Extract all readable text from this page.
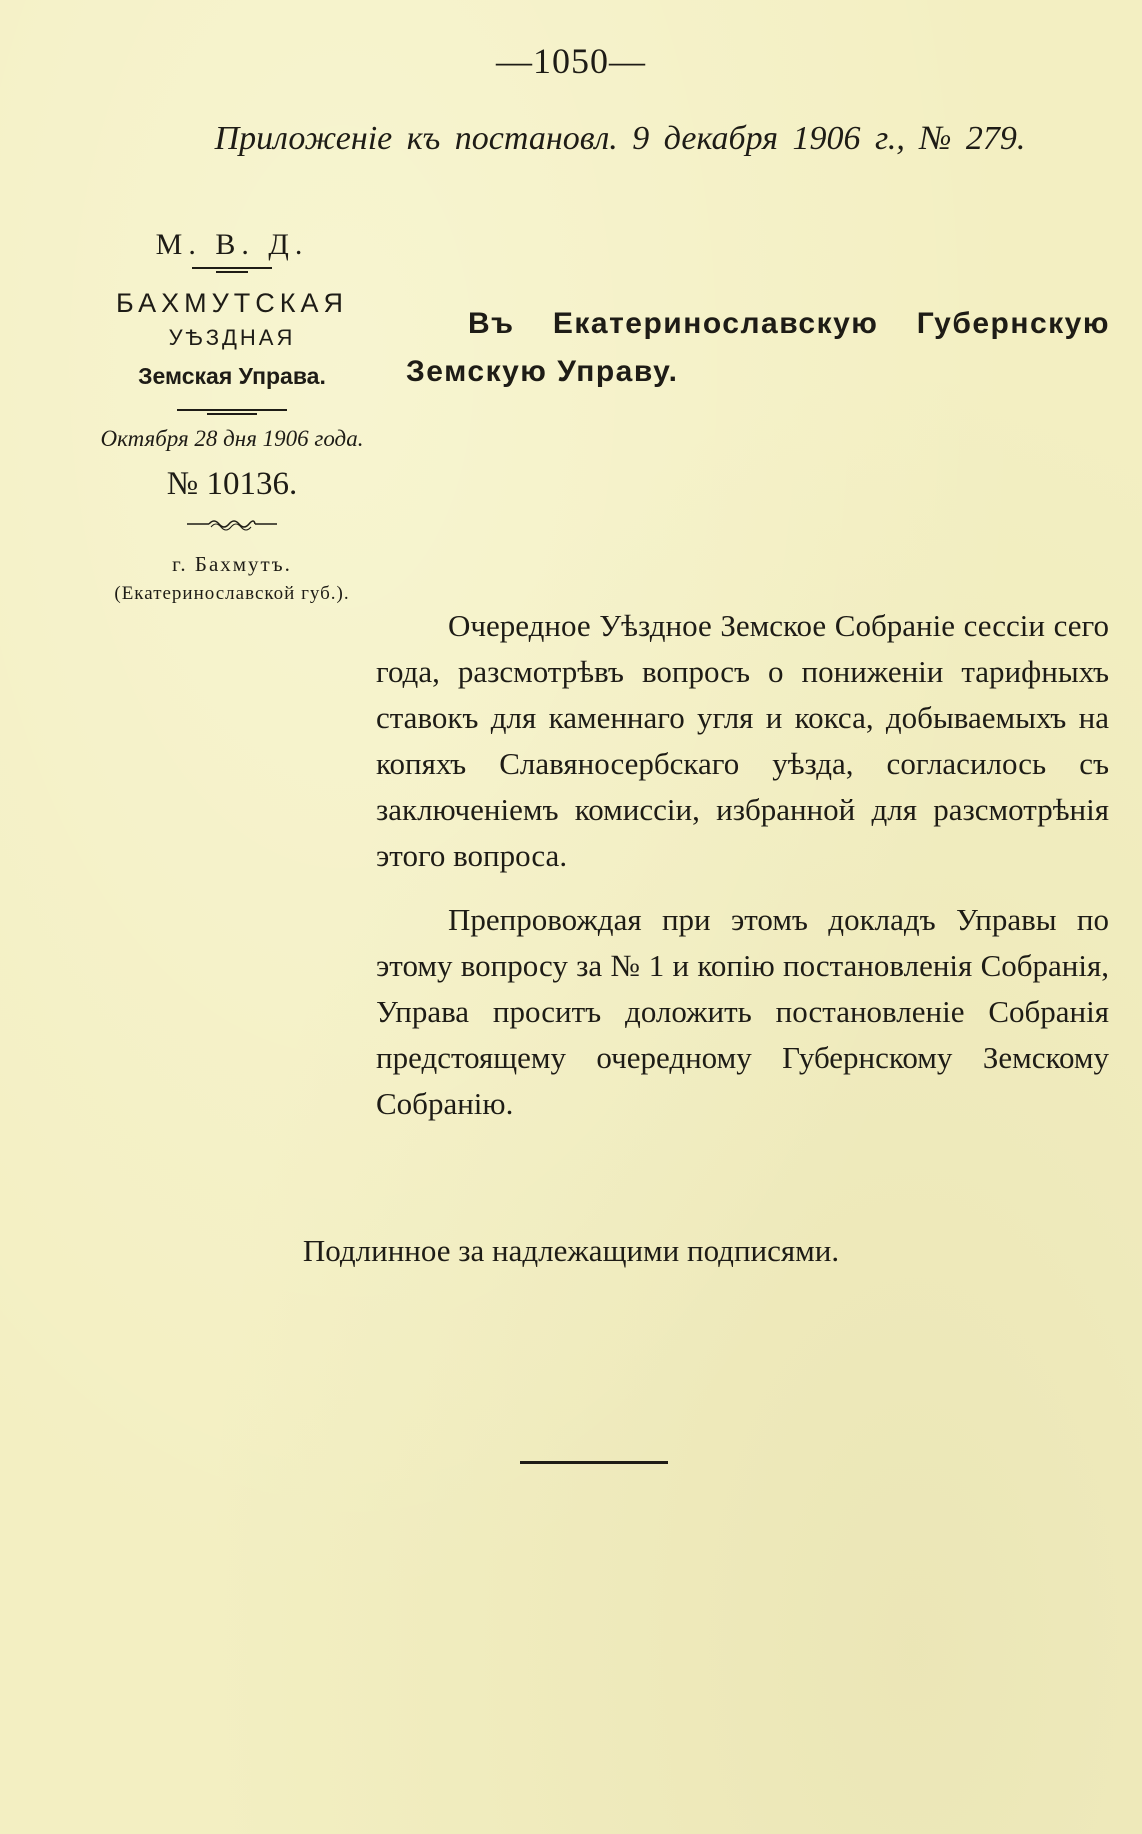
—1050—
Приложеніе къ постановл. 9 декабря 1906 г., № 279.
М. В. Д.
БАХМУТСКАЯ
УѢЗДНАЯ
Земская Управа.
Октября 28 дня 1906 года.
№ 10136.
г. Бахмутъ.
(Екатеринославской губ.).
Въ Екатеринославскую Губернскую
Земскую Управу.

Очередное Уѣздное Земское Собраніе сессіи сего года, разсмотрѣвъ вопросъ о пониженіи тарифныхъ ставокъ для каменнаго угля и кокса, добываемыхъ на копяхъ Славяносербскаго уѣзда, согласилось съ заключеніемъ комиссіи, избранной для разсмотрѣнія этого вопроса.

Препровождая при этомъ докладъ Управы по этому вопросу за № 1 и копію постановленія Собранія, Управа проситъ доложить постановленіе Собранія предстоящему очередному Губернскому Земскому Собранію.

Подлинное за надлежащими подписями.
